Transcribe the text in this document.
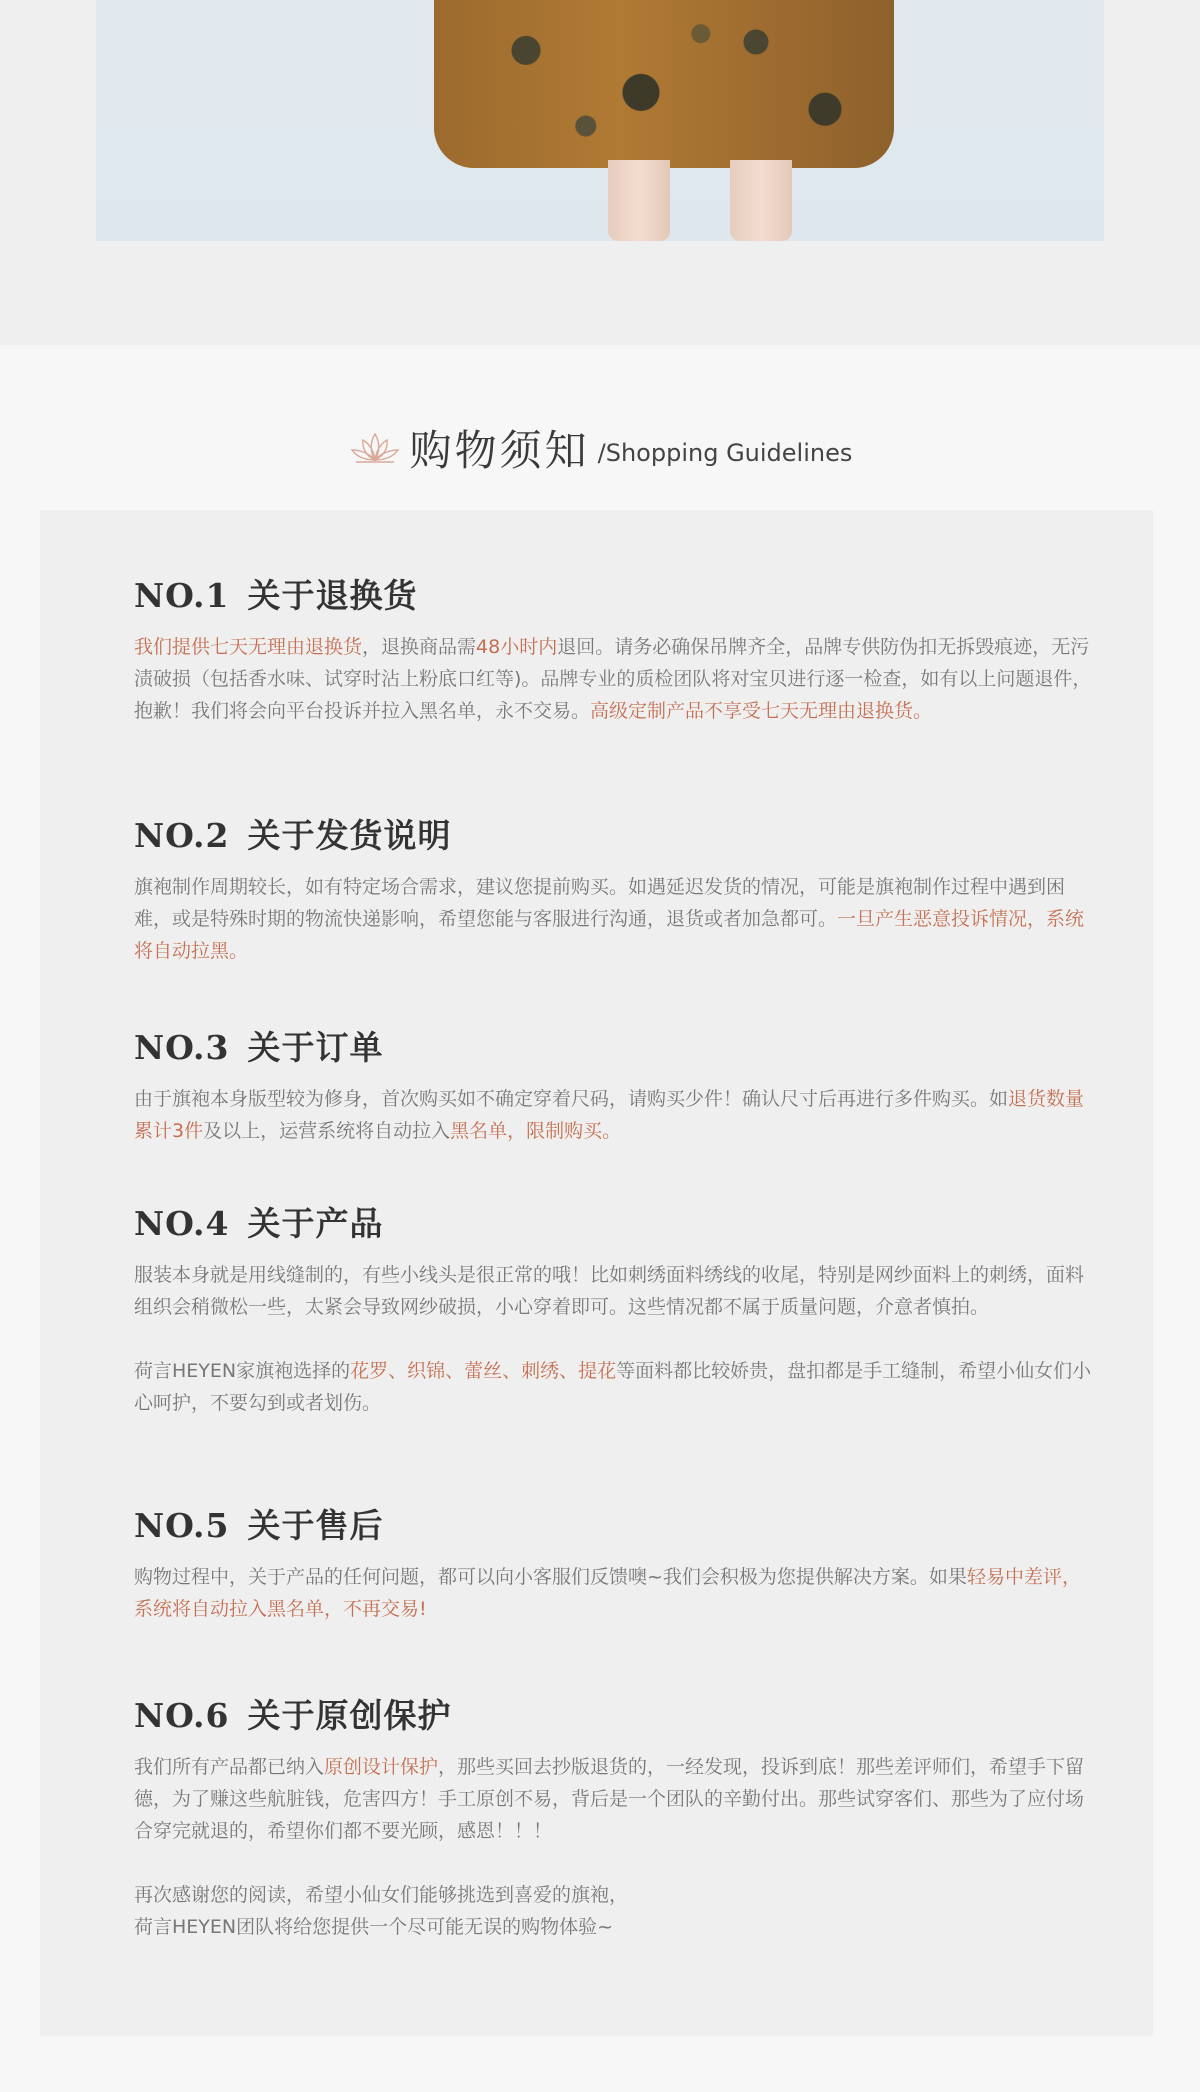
购物须知 /Shopping Guidelines
NO.1 关于退换货

我们提供七天无理由退换货，退换商品需48小时内退回。请务必确保吊牌齐全，品牌专供防伪扣无拆毁痕迹，无污渍破损（包括香水味、试穿时沾上粉底口红等)。品牌专业的质检团队将对宝贝进行逐一检查，如有以上问题退件，抱歉！我们将会向平台投诉并拉入黑名单，永不交易。高级定制产品不享受七天无理由退换货。

NO.2 关于发货说明

旗袍制作周期较长，如有特定场合需求，建议您提前购买。如遇延迟发货的情况，可能是旗袍制作过程中遇到困难，或是特殊时期的物流快递影响，希望您能与客服进行沟通，退货或者加急都可。一旦产生恶意投诉情况，系统将自动拉黑。

NO.3 关于订单

由于旗袍本身版型较为修身，首次购买如不确定穿着尺码，请购买少件！确认尺寸后再进行多件购买。如退货数量累计3件及以上，运营系统将自动拉入黑名单，限制购买。

NO.4 关于产品

服装本身就是用线缝制的，有些小线头是很正常的哦！比如刺绣面料绣线的收尾，特别是网纱面料上的刺绣，面料组织会稍微松一些，太紧会导致网纱破损，小心穿着即可。这些情况都不属于质量问题，介意者慎拍。

荷言HEYEN家旗袍选择的花罗、织锦、蕾丝、刺绣、提花等面料都比较娇贵，盘扣都是手工缝制，希望小仙女们小心呵护，不要勾到或者划伤。

NO.5 关于售后

购物过程中，关于产品的任何问题，都可以向小客服们反馈噢~我们会积极为您提供解决方案。如果轻易中差评，系统将自动拉入黑名单，不再交易!

NO.6 关于原创保护

我们所有产品都已纳入原创设计保护，那些买回去抄版退货的，一经发现，投诉到底！那些差评师们，希望手下留德，为了赚这些航脏钱，危害四方！手工原创不易，背后是一个团队的辛勤付出。那些试穿客们、那些为了应付场合穿完就退的，希望你们都不要光顾，感恩！！！

再次感谢您的阅读，希望小仙女们能够挑选到喜爱的旗袍，
荷言HEYEN团队将给您提供一个尽可能无误的购物体验~
